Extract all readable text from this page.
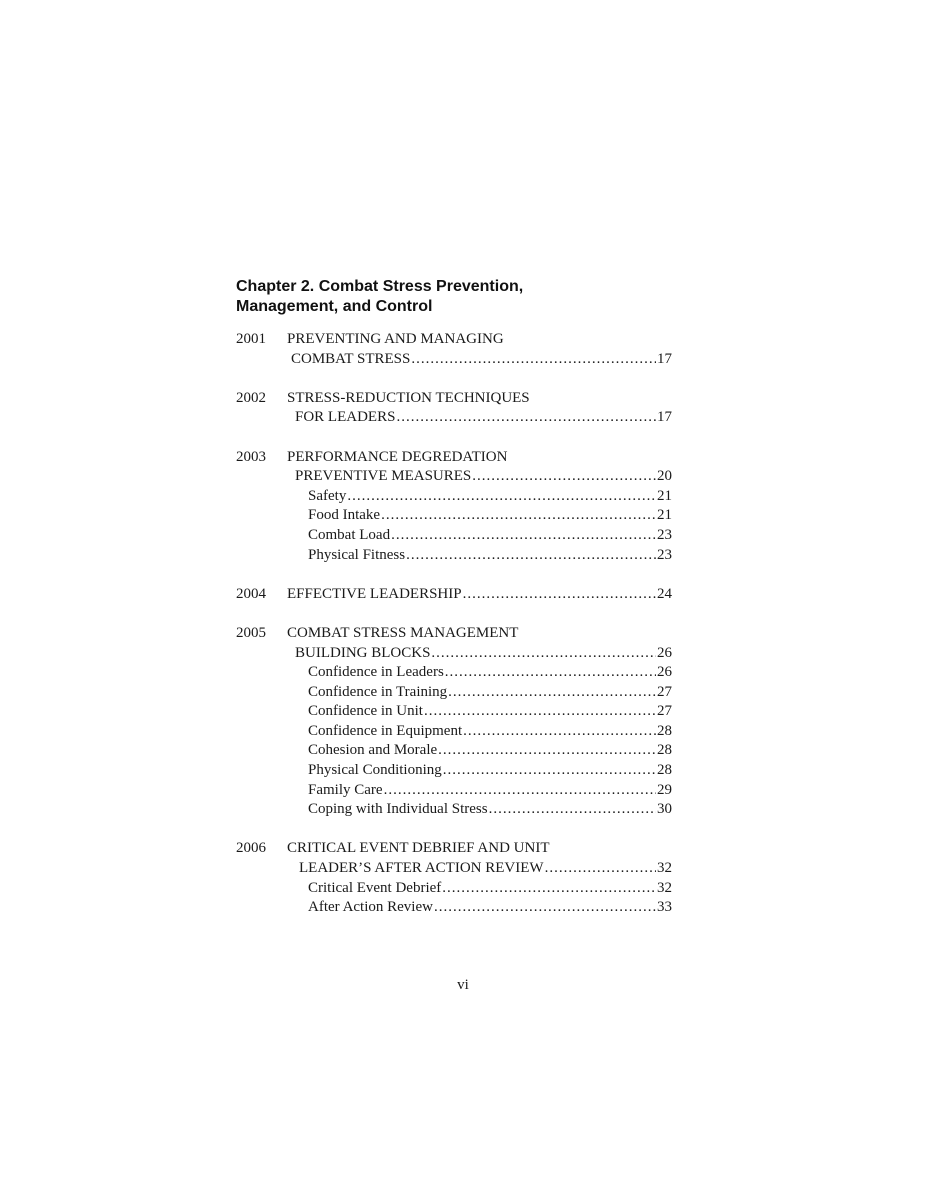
Chapter 2. Combat Stress Prevention,
Management, and Control
2001	PREVENTING AND MANAGING
COMBAT STRESS .....	17
2002	STRESS-REDUCTION TECHNIQUES
FOR LEADERS .....	17
2003	PERFORMANCE DEGREDATION
PREVENTIVE MEASURES .....	20
Safety .....	21
Food Intake .....	21
Combat Load .....	23
Physical Fitness .....	23
2004	EFFECTIVE LEADERSHIP .....	24
2005	COMBAT STRESS MANAGEMENT
BUILDING BLOCKS .....	26
Confidence in Leaders .....	26
Confidence in Training .....	27
Confidence in Unit .....	27
Confidence in Equipment .....	28
Cohesion and Morale .....	28
Physical Conditioning .....	28
Family Care .....	29
Coping with Individual Stress .....	30
2006	CRITICAL EVENT DEBRIEF AND UNIT
LEADER’S AFTER ACTION REVIEW .....	32
Critical Event Debrief .....	32
After Action Review .....	33
vi
